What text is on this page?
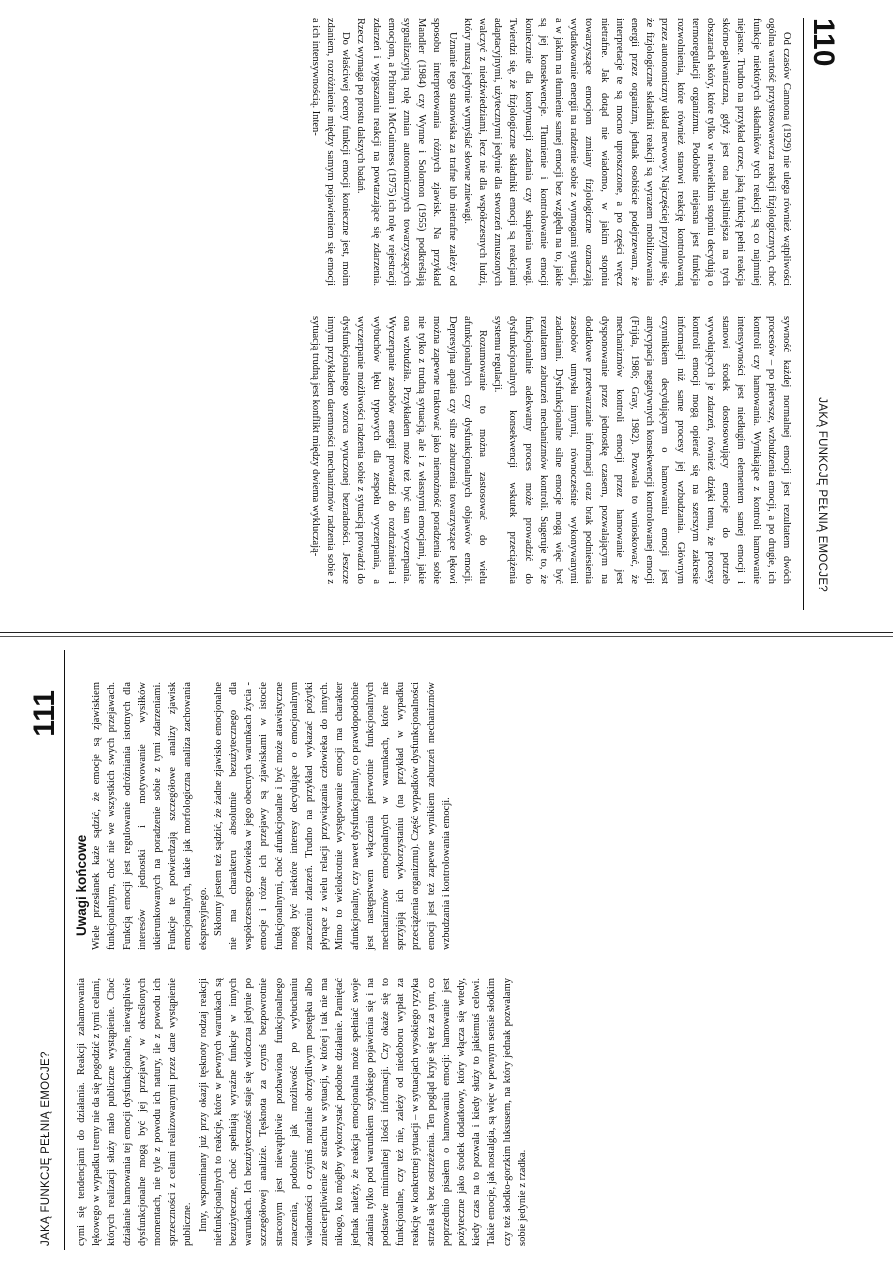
110
JAKĄ FUNKCJĘ PEŁNIĄ EMOCJE?

Od czasów Cannona (1929) nie ulega również wątpliwości ogólna wartość przystosowawcza reakcji fizjologicznych, choć funkcje niektórych składników tych reakcji są co najmniej niejasne. Trudno na przykład orzec, jaką funkcję pełni reakcja skórno-galwaniczna, gdyż jest ona najsilniejsza na tych obszarach skóry, które tylko w niewielkim stopniu decydują o termoregulacji organizmu. Podobnie niejasna jest funkcja rozwolnienia, które również stanowi reakcję kontrolowaną przez autonomiczny układ nerwowy. Najczęściej przyjmuje się, że fizjologiczne składniki reakcji są wyrazem mobilizowania energii przez organizm, jednak osobiście podejrzewam, że interpretacje te są mocno uproszczone, a po części wręcz nietrafne. Jak dotąd nie wiadomo, w jakim stopniu towarzyszące emocjom zmiany fizjologiczne oznaczają wydatkowanie energii na radzenie sobie z wymogami sytuacji, a w jakim na tłumienie samej emocji bez względu na to, jakie są jej konsekwencje. Tłumienie i kontrolowanie emocji koniecznie dla kontynuacji zadania czy skupienia uwagi. Twierdzi się, że fizjologiczne składniki emocji są reakcjami adaptacyjnymi, użytecznymi jedynie dla stworzeń zmuszonych walczyć z niedźwiedziami, lecz nie dla współczesnych ludzi, który muszą jedynie wymyślać słowne zniewagi.

Uznanie tego stanowiska za trafne lub nietrafne zależy od sposobu interpretowania różnych zjawisk. Na przykład Mandler (1984) czy Wynne i Solomon (1955) podkreślają sygnalizacyjną rolę zmian autonomicznych towarzyszących emocjom, a Pribram i McGuinness (1975) ich rolę w rejestracji zdarzeń i wygaszaniu reakcji na powtarzające się zdarzenia. Rzecz wymaga po prostu dalszych badań.

Do właściwej oceny funkcji emocji konieczne jest, moim zdaniem, rozróżnienie między samym pojawieniem się emocji a ich intensywnością. Inten-

sywność każdej normalnej emocji jest rezultatem dwóch procesów – po pierwsze, wzbudzenia emocji, a po drugie, ich kontroli czy hamowania. Wynikające z kontroli hamowanie intensywności jest niedługim elementem samej emocji i stanowi środek dostosowujący emocje do potrzeb wywołujących je zdarzeń, również dzięki temu, że procesy kontroli emocji mogą opierać się na szerszym zakresie informacji niż same procesy jej wzbudzania. Głównym czynnikiem decydującym o hamowaniu emocji jest antycypacja negatywnych konsekwencji kontrolowanej emocji (Frijda, 1986; Gray, 1982). Pozwala to wnioskować, że mechanizmów kontroli emocji przez hamowanie jest dysponowanie przez jednostkę czasem, pozwalającym na dodatkowe przetwarzanie informacji oraz brak podniesienia zasobów umysłu innymi, równocześnie wykonywanymi zadaniami. Dysfunkcjonalne silne emocje mogą więc być rezultatem zaburzeń mechanizmów kontroli. Sugeruje to, że funkcjonalnie adekwatny proces może prowadzić do dysfunkcjonalnych konsekwencji wskutek przeciążenia systemu regulacji.

Rozumowanie to można zastosować do wielu afunkcjonalnych czy dysfunkcjonalnych objawów emocji. Depresyjna apatia czy silne zaburzenia towarzyszące lękowi można zapewne traktować jako niemożność poradzenia sobie nie tylko z trudną sytuacją, ale i z własnymi emocjami, jakie ona wzbudziła. Przykładem może też być stan wyczerpania. Wyczerpanie zasobów energii prowadzi do rozdrażnienia i wybuchów lęku typowych dla zespołu wyczerpania, a wyczerpanie możliwości radzenia sobie z sytuacją prowadzi do dysfunkcjonalnego wzorca wyuczonej bezradności. Jeszcze innym przykładem daremności mechanizmów radzenia sobie z sytuacją trudną jest konflikt między dwiema wykluczają-

JAKĄ FUNKCJĘ PEŁNIĄ EMOCJE?
111

cymi się tendencjami do działania. Reakcji zahamowania lękowego w wypadku tremy nie da się pogodzić z tymi celami, których realizacji służy mało publiczne wystąpienie. Choć działanie hamowania tej emocji dysfunkcjonalne, niewątpliwie dysfunkcjonalne mogą być jej przejawy w określonych momentach, nie tyle z powodu ich natury, ile z powodu ich sprzeczności z celami realizowanymi przez dane wystąpienie publiczne. Inny, wspominany już przy okazji tęsknoty rodzaj reakcji niefunkcjonalnych to reakcje, które w pewnych warunkach są bezużyteczne, choć spełniają wyraźne funkcje w innych warunkach. Ich bezużyteczność staje się widoczna jedynie po szczegółowej analizie. Tęsknota za czymś bezpowrotnie straconym jest niewątpliwie pozbawiona funkcjonalnego znaczenia, podobnie jak możliwość po wybuchaniu wiadomości o czyimś moralnie obrzydliwym postępku albo zniecierpliwienie ze strachu w sytuacji, w której i tak nie ma nikogo, kto mógłby wykorzystać podobne działanie. Pamiętać jednak należy, że reakcja emocjonalna może spełniać swoje zadania tylko pod warunkiem szybkiego pojawienia się i na podstawie minimalnej ilości informacji. Czy okaże się to funkcjonalne, czy też nie, zależy od niedoboru wypłat za reakcję w konkretnej sytuacji – w sytuacjach wysokiego ryzyka strzela się bez ostrzeżenia. Ten pogląd kryje się też za tym, co poprzednio pisałem o hamowaniu emocji: hamowanie jest pożyteczne jako środek dodatkowy, który włącza się wtedy, kiedy czas na to pozwala i kiedy służy to jakiemuś celowi. Takie emocje, jak nostalgia, są więc w pewnym sensie słodkim czy też słodko-gorzkim luksusem, na który jednak pozwalamy sobie jedynie z rzadka.

Uwagi końcowe Wiele przesłanek każe sądzić, że emocje są zjawiskiem funkcjonalnym, choć nie we wszystkich swych przejawach. Funkcją emocji jest regulowanie odróżniania istotnych dla interesów jednostki i motywowanie wysiłków ukierunkowanych na poradzenie sobie z tymi zdarzeniami. Funkcje te potwierdzają szczegółowe analizy zjawisk emocjonalnych, takie jak morfologiczna analiza zachowania ekspresyjnego. Skłonny jestem też sądzić, że żadne zjawisko emocjonalne nie ma charakteru absolutnie bezużytecznego dla współczesnego człowieka w jego obecnych warunkach życia - emocje i różne ich przejawy są zjawiskami w istocie funkcjonalnymi, choć afunkcjonalne i być może atawistyczne mogą być niektóre interesy decydujące o emocjonalnym znaczeniu zdarzeń. Trudno na przykład wykazać pożytki płynące z wielu relacji przywiązania człowieka do innych. Mimo to wielokrotnie występowanie emocji ma charakter afunkcjonalny, czy nawet dysfunkcjonalny, co prawdopodobnie jest następstwem włączenia pierwotnie funkcjonalnych mechanizmów emocjonalnych w warunkach, które nie sprzyjają ich wykorzystaniu (na przykład w wypadku przeciążenia organizmu). Część wypadków dysfunkcjonalności emocji jest też zapewne wynikiem zaburzeń mechanizmów wzbudzania i kontrolowania emocji.
